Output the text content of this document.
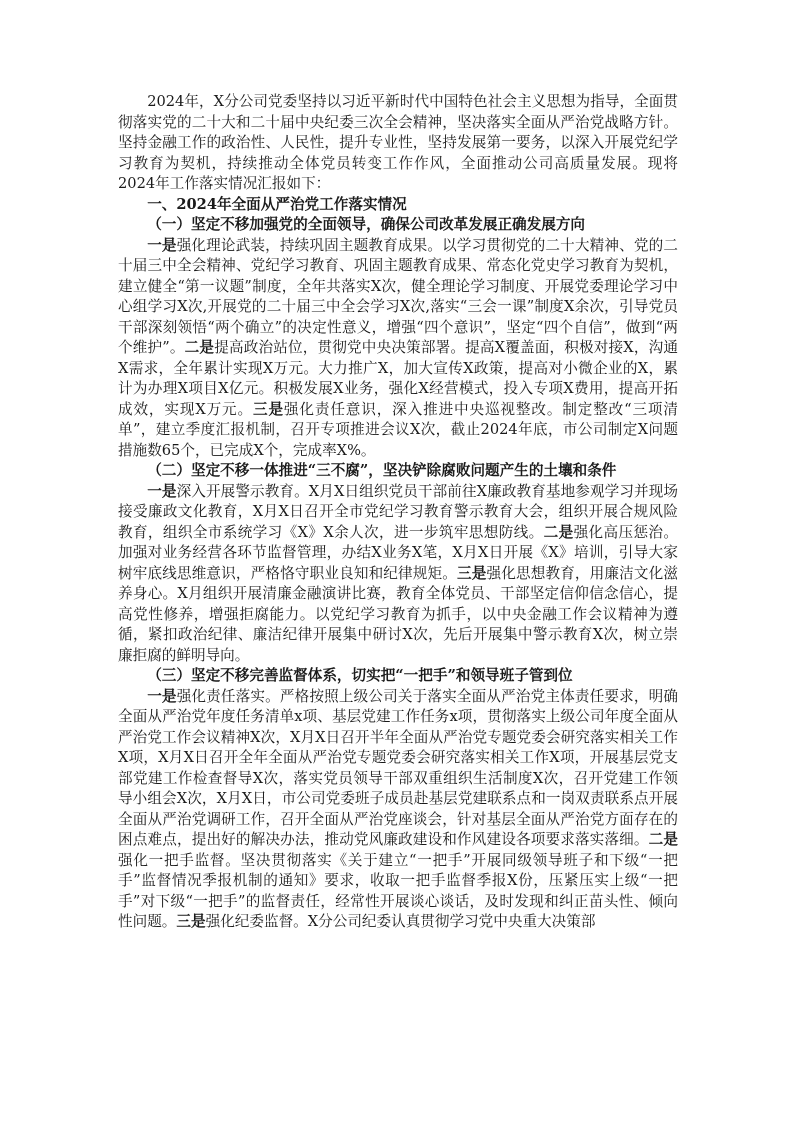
2024年，X分公司党委坚持以习近平新时代中国特色社会主义思想为指导，全面贯彻落实党的二十大和二十届中央纪委三次全会精神，坚决落实全面从严治党战略方针。坚持金融工作的政治性、人民性，提升专业性，坚持发展第一要务，以深入开展党纪学习教育为契机，持续推动全体党员转变工作作风，全面推动公司高质量发展。现将2024年工作落实情况汇报如下：

一、2024年全面从严治党工作落实情况
（一）坚定不移加强党的全面领导，确保公司改革发展正确发展方向

一是强化理论武装，持续巩固主题教育成果。以学习贯彻党的二十大精神、党的二十届三中全会精神、党纪学习教育、巩固主题教育成果、常态化党史学习教育为契机，建立健全“第一议题”制度，全年共落实X次，健全理论学习制度、开展党委理论学习中心组学习X次,开展党的二十届三中全会学习X次,落实“三会一课”制度X余次，引导党员干部深刻领悟“两个确立”的决定性意义，增强“四个意识”，坚定“四个自信”，做到“两个维护”。二是提高政治站位，贯彻党中央决策部署。提高X覆盖面，积极对接X，沟通X需求，全年累计实现X万元。大力推广X，加大宣传X政策，提高对小微企业的X，累计为办理X项目X亿元。积极发展X业务，强化X经营模式，投入专项X费用，提高开拓成效，实现X万元。三是强化责任意识，深入推进中央巡视整改。制定整改“三项清单”，建立季度汇报机制，召开专项推进会议X次，截止2024年底，市公司制定X问题措施数65个，已完成X个，完成率X%。

（二）坚定不移一体推进“三不腐”，坚决铲除腐败问题产生的土壤和条件

一是深入开展警示教育。X月X日组织党员干部前往X廉政教育基地参观学习并现场接受廉政文化教育，X月X日召开全市党纪学习教育警示教育大会，组织开展合规风险教育，组织全市系统学习《X》X余人次，进一步筑牢思想防线。二是强化高压惩治。加强对业务经营各环节监督管理，办结X业务X笔，X月X日开展《X》培训，引导大家树牢底线思维意识，严格恪守职业良知和纪律规矩。三是强化思想教育，用廉洁文化滋养身心。X月组织开展清廉金融演讲比赛，教育全体党员、干部坚定信仰信念信心，提高党性修养，增强拒腐能力。以党纪学习教育为抓手，以中央金融工作会议精神为遵循，紧扣政治纪律、廉洁纪律开展集中研讨X次，先后开展集中警示教育X次，树立崇廉拒腐的鲜明导向。

（三）坚定不移完善监督体系，切实把“一把手”和领导班子管到位

一是强化责任落实。严格按照上级公司关于落实全面从严治党主体责任要求，明确全面从严治党年度任务清单x项、基层党建工作任务x项，贯彻落实上级公司年度全面从严治党工作会议精神X次，X月X日召开半年全面从严治党专题党委会研究落实相关工作X项，X月X日召开全年全面从严治党专题党委会研究落实相关工作X项，开展基层党支部党建工作检查督导X次，落实党员领导干部双重组织生活制度X次，召开党建工作领导小组会X次，X月X日，市公司党委班子成员赴基层党建联系点和一岗双责联系点开展全面从严治党调研工作，召开全面从严治党座谈会，针对基层全面从严治党方面存在的困点难点，提出好的解决办法，推动党风廉政建设和作风建设各项要求落实落细。二是强化一把手监督。坚决贯彻落实《关于建立“一把手”开展同级领导班子和下级“一把手”监督情况季报机制的通知》要求，收取一把手监督季报X份，压紧压实上级“一把手”对下级“一把手”的监督责任，经常性开展谈心谈话，及时发现和纠正苗头性、倾向性问题。三是强化纪委监督。X分公司纪委认真贯彻学习党中央重大决策部
